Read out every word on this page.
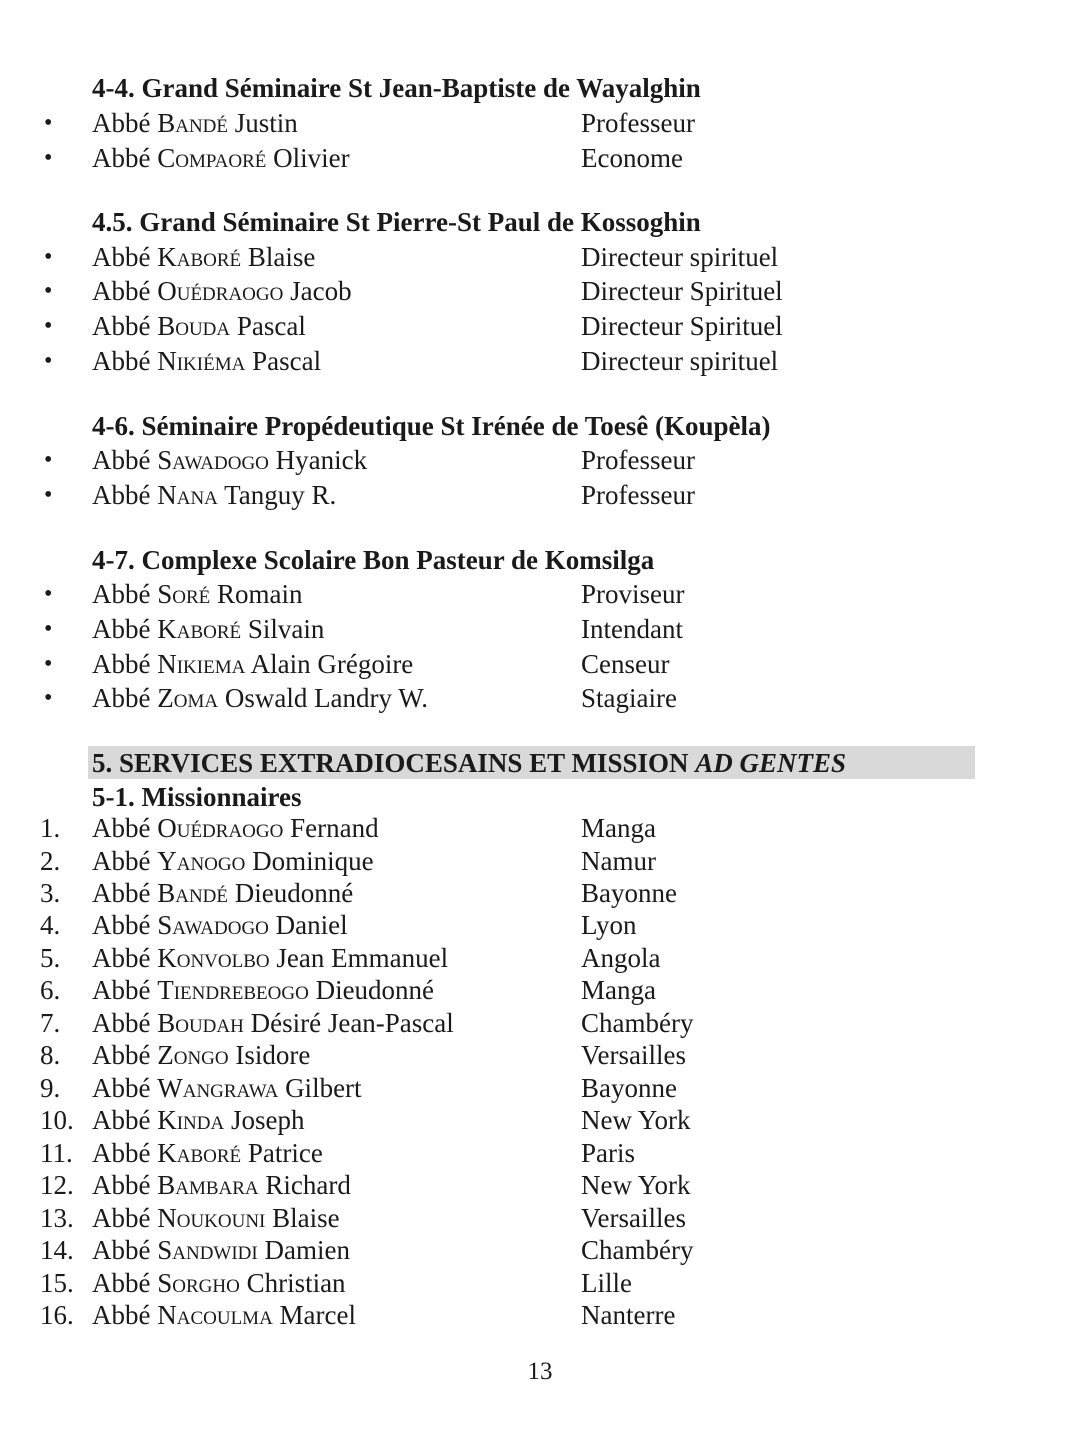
4-4. Grand Séminaire St Jean-Baptiste de Wayalghin
•	Abbé Bandé Justin	Professeur
•	Abbé Compaoré Olivier	Econome
4.5. Grand Séminaire St Pierre-St Paul de Kossoghin
•	Abbé Kaboré Blaise	Directeur spirituel
•	Abbé Ouédraogo Jacob	Directeur Spirituel
•	Abbé Bouda Pascal	Directeur Spirituel
•	Abbé Nikiéma Pascal	Directeur spirituel
4-6. Séminaire Propédeutique St Irénée de Toesê (Koupèla)
•	Abbé Sawadogo Hyanick	Professeur
•	Abbé Nana Tanguy R.	Professeur
4-7. Complexe Scolaire Bon Pasteur de Komsilga
•	Abbé Soré Romain	Proviseur
•	Abbé Kaboré Silvain	Intendant
•	Abbé Nikiema Alain Grégoire	Censeur
•	Abbé Zoma Oswald Landry W.	Stagiaire
5. SERVICES EXTRADIOCESAINS ET MISSION AD GENTES
5-1. Missionnaires
1.	Abbé Ouédraogo Fernand	Manga
2.	Abbé Yanogo Dominique	Namur
3.	Abbé Bandé Dieudonné	Bayonne
4.	Abbé Sawadogo Daniel	Lyon
5.	Abbé Konvolbo Jean Emmanuel	Angola
6.	Abbé Tiendrebeogo Dieudonné	Manga
7.	Abbé Boudah Désiré Jean-Pascal	Chambéry
8.	Abbé Zongo Isidore	Versailles
9.	Abbé Wangrawa Gilbert	Bayonne
10. Abbé Kinda Joseph	New York
11. Abbé Kaboré Patrice	Paris
12. Abbé Bambara Richard	New York
13. Abbé Noukouni Blaise	Versailles
14. Abbé Sandwidi Damien	Chambéry
15. Abbé Sorgho Christian	Lille
16. Abbé Nacoulma Marcel	Nanterre
13
